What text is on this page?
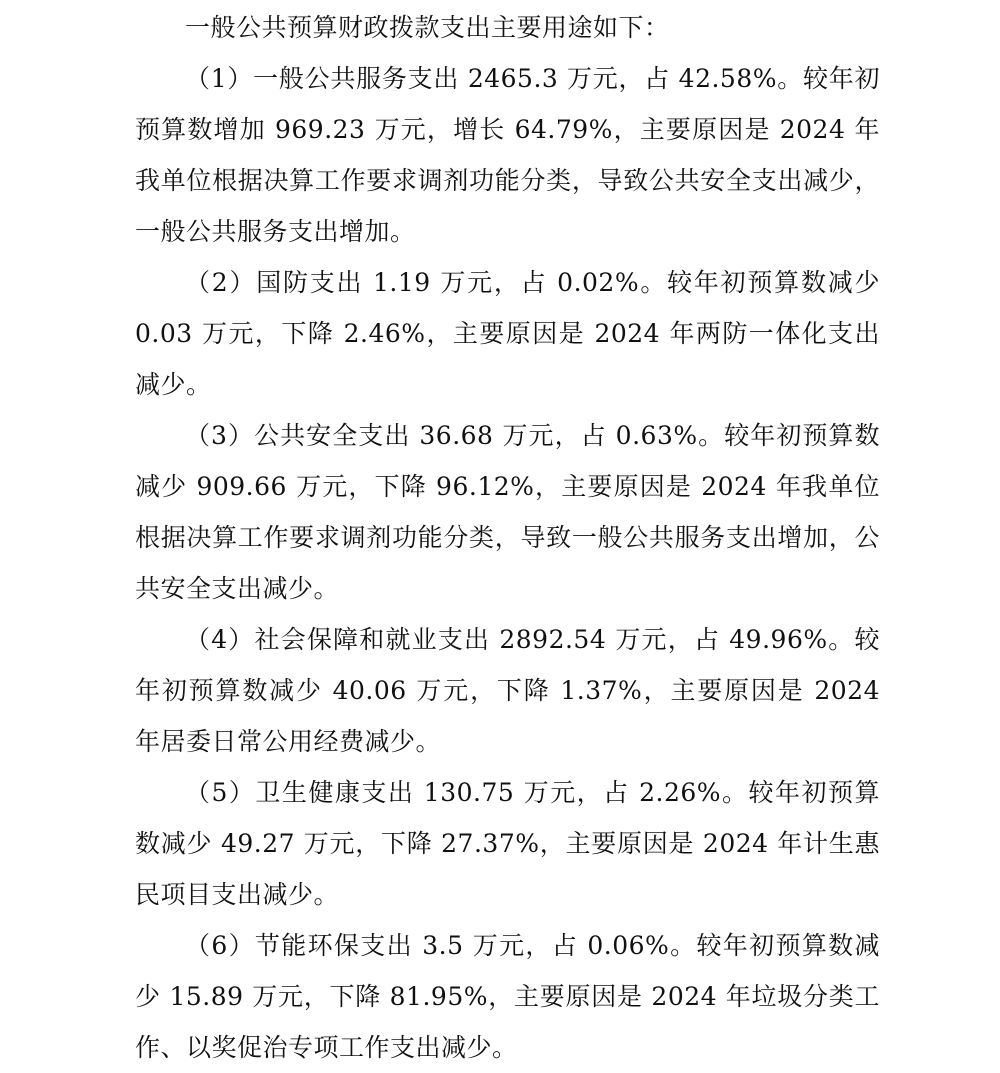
一般公共预算财政拨款支出主要用途如下：

（1）一般公共服务支出 2465.3 万元，占 42.58%。较年初预算数增加 969.23 万元，增长 64.79%，主要原因是 2024 年我单位根据决算工作要求调剂功能分类，导致公共安全支出减少，一般公共服务支出增加。

（2）国防支出 1.19 万元，占 0.02%。较年初预算数减少 0.03 万元，下降 2.46%，主要原因是 2024 年两防一体化支出减少。

（3）公共安全支出 36.68 万元，占 0.63%。较年初预算数减少 909.66 万元，下降 96.12%，主要原因是 2024 年我单位根据决算工作要求调剂功能分类，导致一般公共服务支出增加，公共安全支出减少。

（4）社会保障和就业支出 2892.54 万元，占 49.96%。较年初预算数减少 40.06 万元，下降 1.37%，主要原因是 2024 年居委日常公用经费减少。

（5）卫生健康支出 130.75 万元，占 2.26%。较年初预算数减少 49.27 万元，下降 27.37%，主要原因是 2024 年计生惠民项目支出减少。

（6）节能环保支出 3.5 万元，占 0.06%。较年初预算数减少 15.89 万元，下降 81.95%，主要原因是 2024 年垃圾分类工作、以奖促治专项工作支出减少。
